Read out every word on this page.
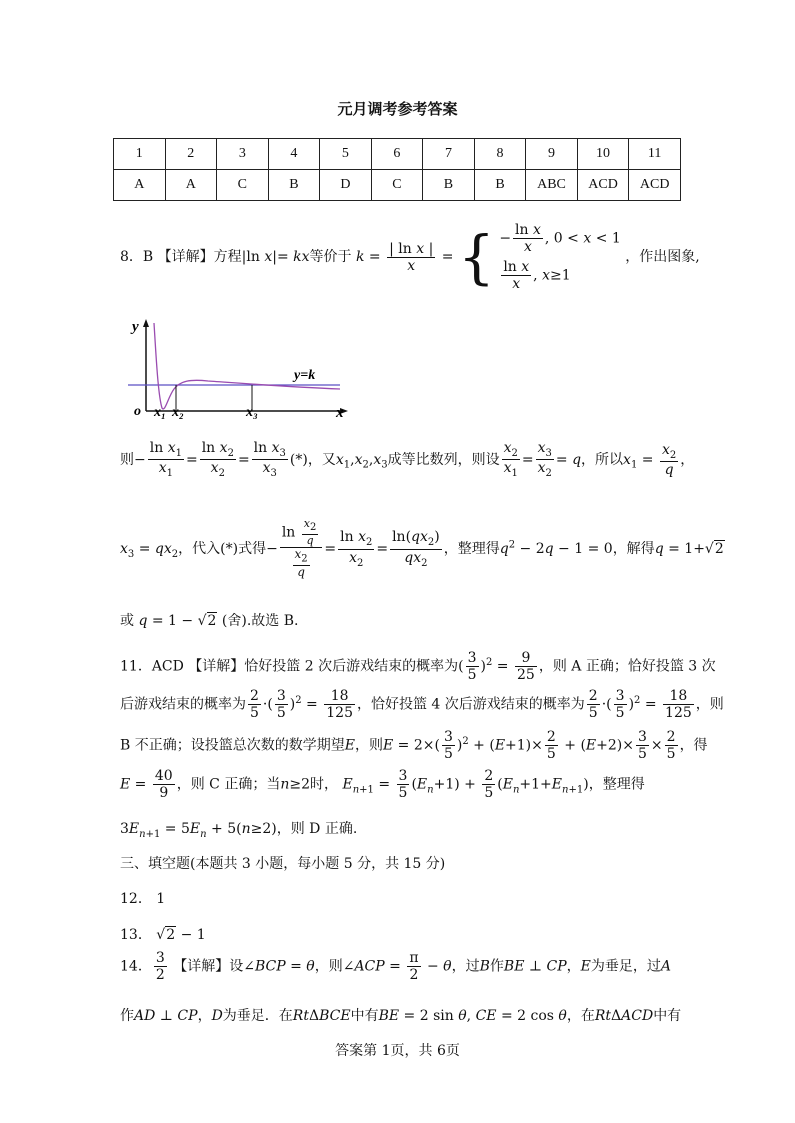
元月调考参考答案
1	2	3	4	5	6	7	8	9	10	11
A	A	C	B	D	C	B	B	ABC	ACD	ACD
8．B 【详解】方程|ln x|= kx等价于 $k = \frac{\text{| ln x |}}{x}$ = { − $\frac{\text{ln x}}{x}$ , 0 < x < 1
$\frac{\text{ln x}}{x}$ , x≥1
，作出图象,
y
o	x
x₁ x₂	x₃
y=k
则− $\frac{\ln x_1}{x_1} = \frac{\ln x_2}{x_2} = \frac{\ln x_3}{x_3}$ (*)，又$x_1,x_2,x_3$成等比数列，则设 $\frac{x_2}{x_1} = \frac{x_3}{x_2} = q$，所以$x_1 = \frac{x_2}{q}$ ，
$x_3 = qx_2$，代入(*)式得− $\frac{\ln \frac{x_2}{q}}{\frac{x_2}{q}} = \frac{\ln x_2}{x_2} = \frac{\ln(qx_2)}{qx_2}$ ，整理得$q^2 - 2q - 1 = 0$，解得q = 1+√2
或 q = 1 − √2 (舍).故选 B.
11．ACD 【详解】恰好投篮 2 次后游戏结束的概率为( $\frac{3}{5} )^2 = \frac{9}{25}$ ，则 A 正确；恰好投篮 3 次
后游戏结束的概率为 $\frac{2}{5}$ ·( $\frac{3}{5} )^2 = \frac{18}{125}$ ，恰好投篮 4 次后游戏结束的概率为 $\frac{2}{5}$ ·( $\frac{3}{5} )^2 = \frac{18}{125}$ ，则
B 不正确；设投篮总次数的数学期望E，则$E = 2\times( \frac{3}{5} )^2 + (E+1)\times \frac{2}{5} + (E+2)\times \frac{3}{5} \times \frac{2}{5}$ ，得
$E = \frac{40}{9}$ ，则 C 正确；当n≥2时， $E_{n+1} = \frac{3}{5} (E_n+1) + \frac{2}{5} (E_n+1+E_{n+1})$，整理得
$3E_{n+1} = 5E_n + 5(n\ge 2)$，则 D 正确.
三、填空题(本题共 3 小题，每小题 5 分，共 15 分)
12． 1
13． √2 − 1
14． $\frac{3}{2}$ 【详解】设∠BCP = θ，则∠ACP = $\frac{\pi}{2} - \theta$，过B作BE ⊥ CP，E为垂足，过A
作AD ⊥ CP，D为垂足．在RtΔBCE中有BE = 2 sin θ, CE = 2 cos θ，在RtΔACD中有
答案第 1页，共 6页
